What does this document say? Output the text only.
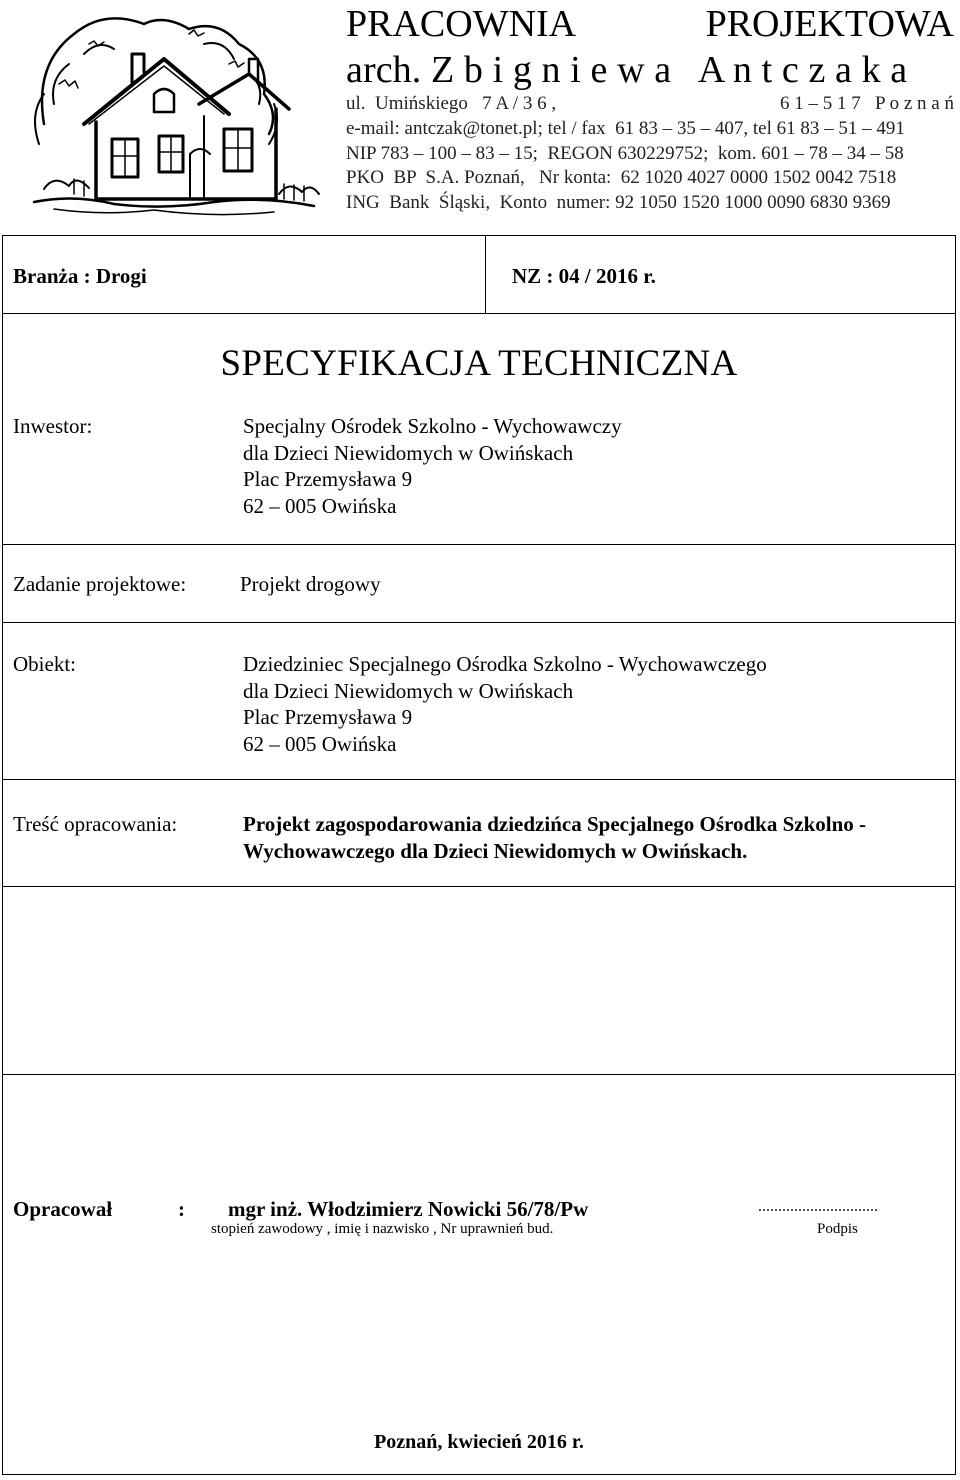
PRACOWNIA	PROJEKTOWA
arch. Z b i g n i e w a   A n t c z a k a
ul.  Umińskiego   7 A / 3 6 ,	6 1 – 5 1 7   P o z n a ń
e-mail: antczak@tonet.pl; tel / fax  61 83 – 35 – 407, tel 61 83 – 51 – 491
NIP 783 – 100 – 83 – 15;  REGON 630229752;  kom. 601 – 78 – 34 – 58
PKO  BP  S.A. Poznań,   Nr konta:  62 1020 4027 0000 1502 0042 7518
ING  Bank  Śląski,  Konto  numer: 92 1050 1520 1000 0090 6830 9369
Branża : Drogi	NZ : 04 / 2016 r.
SPECYFIKACJA TECHNICZNA
Inwestor:	Specjalny Ośrodek Szkolno - Wychowawczy
dla Dzieci Niewidomych w Owińskach
Plac Przemysława 9
62 – 005 Owińska
Zadanie projektowe:	Projekt drogowy
Obiekt:	Dziedziniec Specjalnego Ośrodka Szkolno - Wychowawczego
dla Dzieci Niewidomych w Owińskach
Plac Przemysława 9
62 – 005 Owińska
Treść opracowania:	Projekt zagospodarowania dziedzińca Specjalnego Ośrodka Szkolno -
Wychowawczego dla Dzieci Niewidomych w Owińskach.
Opracował	: mgr inż. Włodzimierz Nowicki 56/78/Pw
stopień zawodowy , imię i nazwisko , Nr uprawnień bud.
..............................
Podpis
Poznań, kwiecień 2016 r.
